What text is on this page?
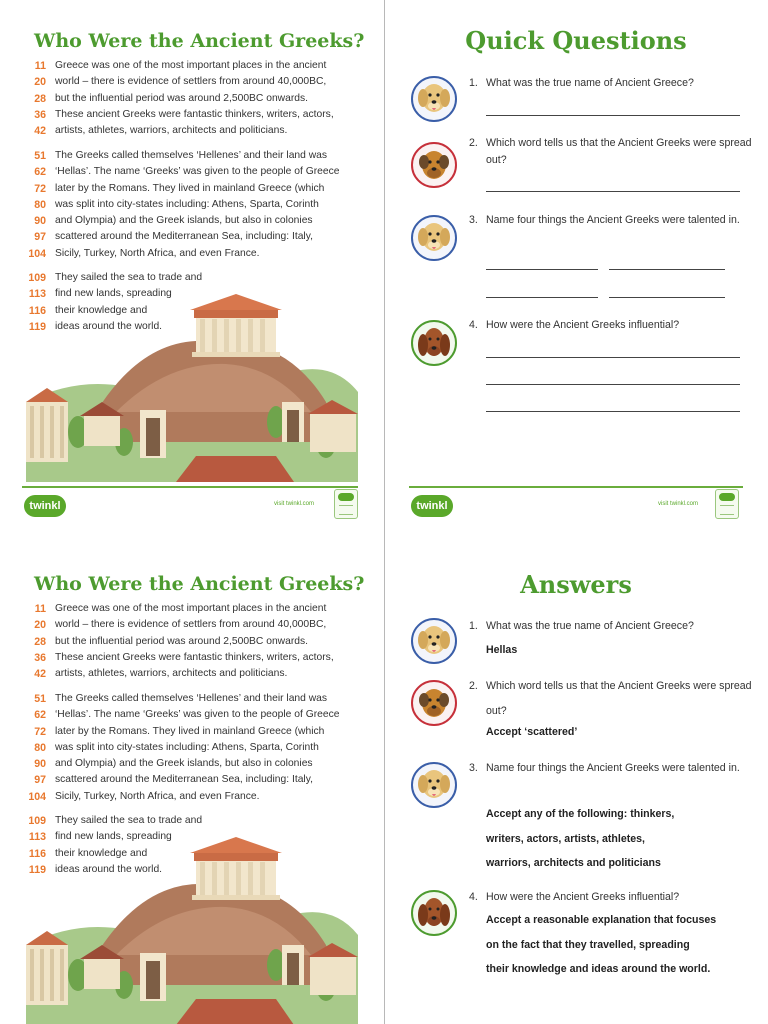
Who Were the Ancient Greeks?
11 Greece was one of the most important places in the ancient
20 world – there is evidence of settlers from around 40,000BC,
28 but the influential period was around 2,500BC onwards.
36 These ancient Greeks were fantastic thinkers, writers, actors,
42 artists, athletes, warriors, architects and politicians.
51 The Greeks called themselves ‘Hellenes’ and their land was
62 ‘Hellas’. The name ‘Greeks’ was given to the people of Greece
72 later by the Romans. They lived in mainland Greece (which
80 was split into city-states including: Athens, Sparta, Corinth
90 and Olympia) and the Greek islands, but also in colonies
97 scattered around the Mediterranean Sea, including: Italy,
104 Sicily, Turkey, North Africa, and even France.
109 They sailed the sea to trade and
113 find new lands, spreading
116 their knowledge and
119 ideas around the world.
twinkl	visit twinkl.com
Quick Questions
1. What was the true name of Ancient Greece?
2. Which word tells us that the Ancient Greeks were spread out?
3. Name four things the Ancient Greeks were talented in.
4. How were the Ancient Greeks influential?
twinkl	visit twinkl.com
Who Were the Ancient Greeks?
11 Greece was one of the most important places in the ancient
20 world – there is evidence of settlers from around 40,000BC,
28 but the influential period was around 2,500BC onwards.
36 These ancient Greeks were fantastic thinkers, writers, actors,
42 artists, athletes, warriors, architects and politicians.
51 The Greeks called themselves ‘Hellenes’ and their land was
62 ‘Hellas’. The name ‘Greeks’ was given to the people of Greece
72 later by the Romans. They lived in mainland Greece (which
80 was split into city-states including: Athens, Sparta, Corinth
90 and Olympia) and the Greek islands, but also in colonies
97 scattered around the Mediterranean Sea, including: Italy,
104 Sicily, Turkey, North Africa, and even France.
109 They sailed the sea to trade and
113 find new lands, spreading
116 their knowledge and
119 ideas around the world.
Answers
1. What was the true name of Ancient Greece?
Hellas
2. Which word tells us that the Ancient Greeks were spread out?
Accept ‘scattered’
3. Name four things the Ancient Greeks were talented in.
Accept any of the following: thinkers,
writers, actors, artists, athletes,
warriors, architects and politicians
4. How were the Ancient Greeks influential?
Accept a reasonable explanation that focuses
on the fact that they travelled, spreading
their knowledge and ideas around the world.
